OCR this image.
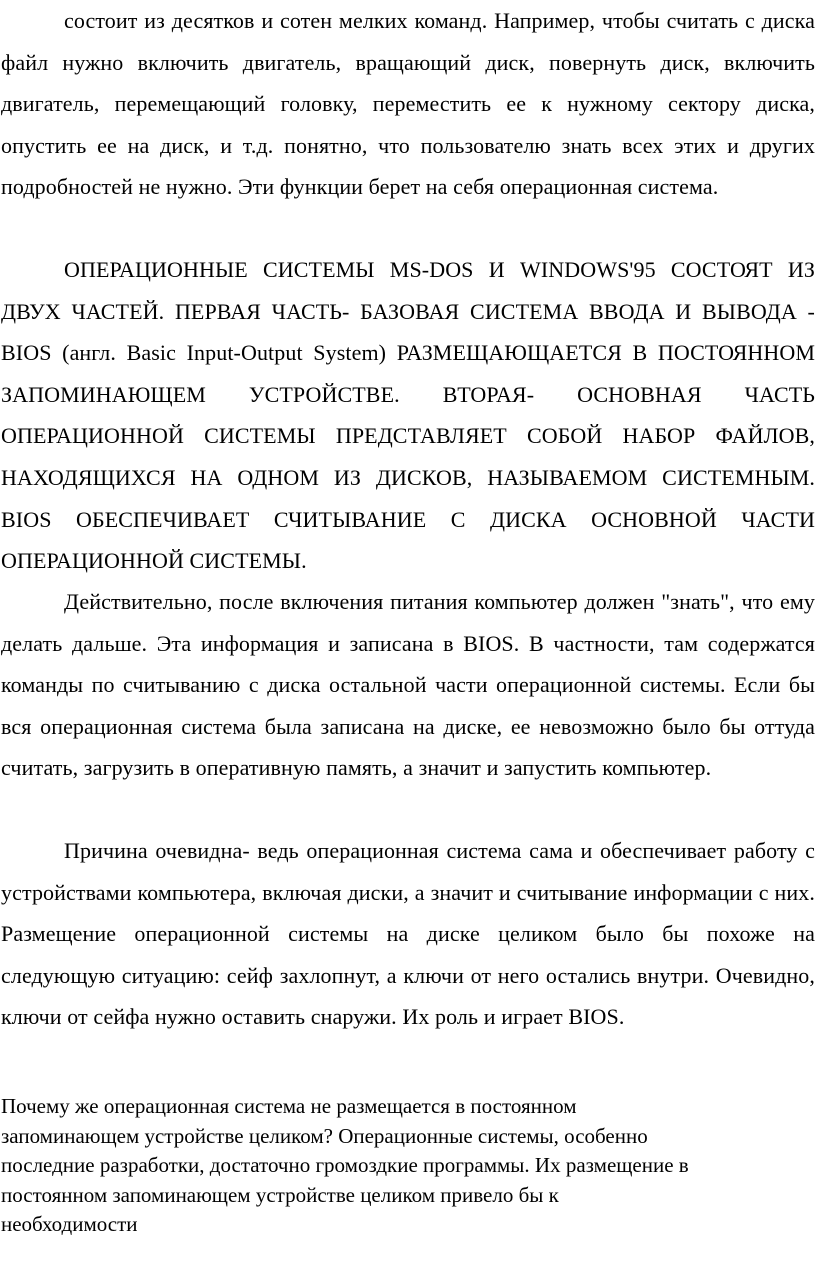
состоит из десятков и сотен мелких команд. Например, чтобы считать с диска файл нужно включить двигатель, вращающий диск, повернуть диск, включить двигатель, перемещающий головку, переместить ее к нужному сектору диска, опустить ее на диск, и т.д. понятно, что пользователю знать всех этих и других подробностей не нужно. Эти функции берет на себя операционная система.

ОПЕРАЦИОННЫЕ СИСТЕМЫ MS-DOS И WINDOWS'95 СОСТОЯТ ИЗ ДВУХ ЧАСТЕЙ. ПЕРВАЯ ЧАСТЬ- БАЗОВАЯ СИСТЕМА ВВОДА И ВЫВОДА - BIOS (англ. Basic Input-Output System) РАЗМЕЩАЮЩАЕТСЯ В ПОСТОЯННОМ ЗАПОМИНАЮЩЕМ УСТРОЙСТВЕ. ВТОРАЯ- ОСНОВНАЯ ЧАСТЬ ОПЕРАЦИОННОЙ СИСТЕМЫ ПРЕДСТАВЛЯЕТ СОБОЙ НАБОР ФАЙЛОВ, НАХОДЯЩИХСЯ НА ОДНОМ ИЗ ДИСКОВ, НАЗЫВАЕМОМ СИСТЕМНЫМ. BIOS ОБЕСПЕЧИВАЕТ СЧИТЫВАНИЕ С ДИСКА ОСНОВНОЙ ЧАСТИ ОПЕРАЦИОННОЙ СИСТЕМЫ.

Действительно, после включения питания компьютер должен "знать", что ему делать дальше. Эта информация и записана в BIOS. В частности, там содержатся команды по считыванию с диска остальной части операционной системы. Если бы вся операционная система была записана на диске, ее невозможно было бы оттуда считать, загрузить в оперативную память, а значит и запустить компьютер.

Причина очевидна- ведь операционная система сама и обеспечивает работу с устройствами компьютера, включая диски, а значит и считывание информации с них. Размещение операционной системы на диске целиком было бы похоже на следующую ситуацию: сейф захлопнут, а ключи от него остались внутри. Очевидно, ключи от сейфа нужно оставить снаружи. Их роль и играет BIOS.

Почему же операционная система не размещается в постоянном
запоминающем устройстве целиком? Операционные системы, особенно
последние разработки, достаточно громоздкие программы. Их размещение в
постоянном запоминающем устройстве целиком привело бы к
необходимости
